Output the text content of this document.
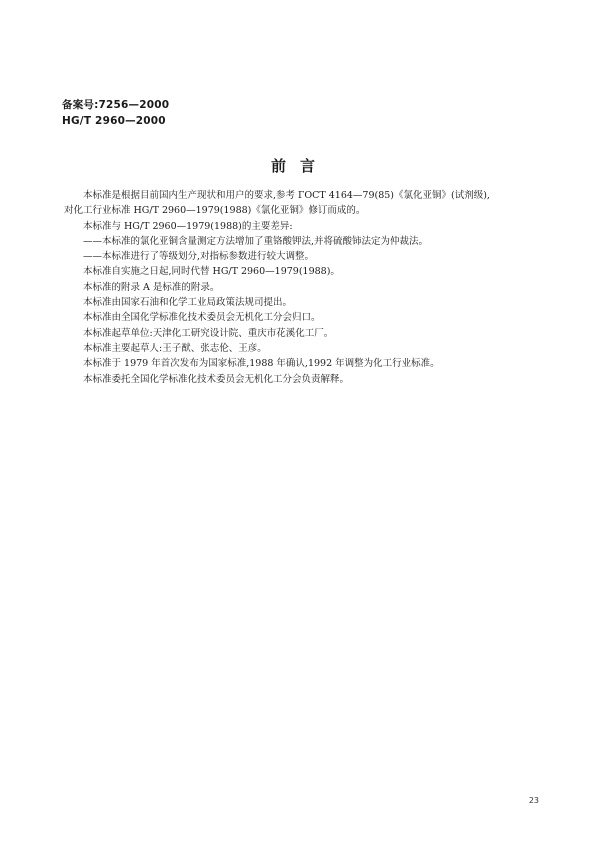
备案号:7256—2000
HG/T 2960—2000
前言

本标准是根据目前国内生产现状和用户的要求,参考 ГОСТ 4164—79(85)《氯化亚铜》(试剂级),

对化工行业标准 HG/T 2960—1979(1988)《氯化亚铜》修订而成的。

本标准与 HG/T 2960—1979(1988)的主要差异:

——本标准的氯化亚铜含量测定方法增加了重铬酸钾法,并将硫酸铈法定为仲裁法。

——本标准进行了等级划分,对指标参数进行较大调整。

本标准自实施之日起,同时代替 HG/T 2960—1979(1988)。

本标准的附录 A 是标准的附录。

本标准由国家石油和化学工业局政策法规司提出。

本标准由全国化学标准化技术委员会无机化工分会归口。

本标准起草单位:天津化工研究设计院、重庆市花溪化工厂。

本标准主要起草人:王子猷、张志伦、王彦。

本标准于 1979 年首次发布为国家标准,1988 年确认,1992 年调整为化工行业标准。

本标准委托全国化学标准化技术委员会无机化工分会负责解释。

23
